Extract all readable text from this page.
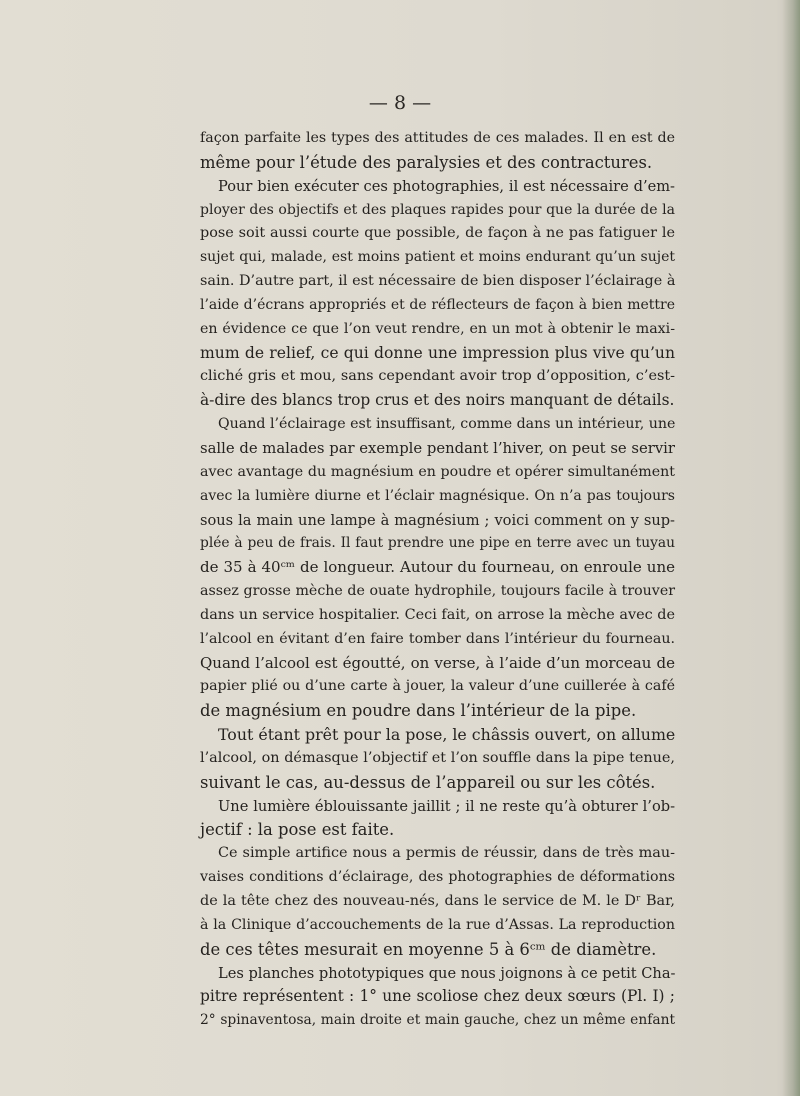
— 8 —
façon parfaite les types des attitudes de ces malades. Il en est de
même pour l’étude des paralysies et des contractures.
Pour bien exécuter ces photographies, il est nécessaire d’em-
ployer des objectifs et des plaques rapides pour que la durée de la
pose soit aussi courte que possible, de façon à ne pas fatiguer le
sujet qui, malade, est moins patient et moins endurant qu’un sujet
sain. D’autre part, il est nécessaire de bien disposer l’éclairage à
l’aide d’écrans appropriés et de réflecteurs de façon à bien mettre
en évidence ce que l’on veut rendre, en un mot à obtenir le maxi-
mum de relief, ce qui donne une impression plus vive qu’un
cliché gris et mou, sans cependant avoir trop d’opposition, c’est-
à-dire des blancs trop crus et des noirs manquant de détails.
Quand l’éclairage est insuffisant, comme dans un intérieur, une
salle de malades par exemple pendant l’hiver, on peut se servir
avec avantage du magnésium en poudre et opérer simultanément
avec la lumière diurne et l’éclair magnésique. On n’a pas toujours
sous la main une lampe à magnésium ; voici comment on y sup-
plée à peu de frais. Il faut prendre une pipe en terre avec un tuyau
de 35 à 40ᶜᵐ de longueur. Autour du fourneau, on enroule une
assez grosse mèche de ouate hydrophile, toujours facile à trouver
dans un service hospitalier. Ceci fait, on arrose la mèche avec de
l’alcool en évitant d’en faire tomber dans l’intérieur du fourneau.
Quand l’alcool est égoutté, on verse, à l’aide d’un morceau de
papier plié ou d’une carte à jouer, la valeur d’une cuillerée à café
de magnésium en poudre dans l’intérieur de la pipe.
Tout étant prêt pour la pose, le châssis ouvert, on allume
l’alcool, on démasque l’objectif et l’on souffle dans la pipe tenue,
suivant le cas, au-dessus de l’appareil ou sur les côtés.
Une lumière éblouissante jaillit ; il ne reste qu’à obturer l’ob-
jectif : la pose est faite.
Ce simple artifice nous a permis de réussir, dans de très mau-
vaises conditions d’éclairage, des photographies de déformations
de la tête chez des nouveau-nés, dans le service de M. le Dʳ Bar,
à la Clinique d’accouchements de la rue d’Assas. La reproduction
de ces têtes mesurait en moyenne 5 à 6ᶜᵐ de diamètre.
Les planches phototypiques que nous joignons à ce petit Cha-
pitre représentent : 1° une scoliose chez deux sœurs (Pl. I) ;
2° spinaventosa, main droite et main gauche, chez un même enfant
